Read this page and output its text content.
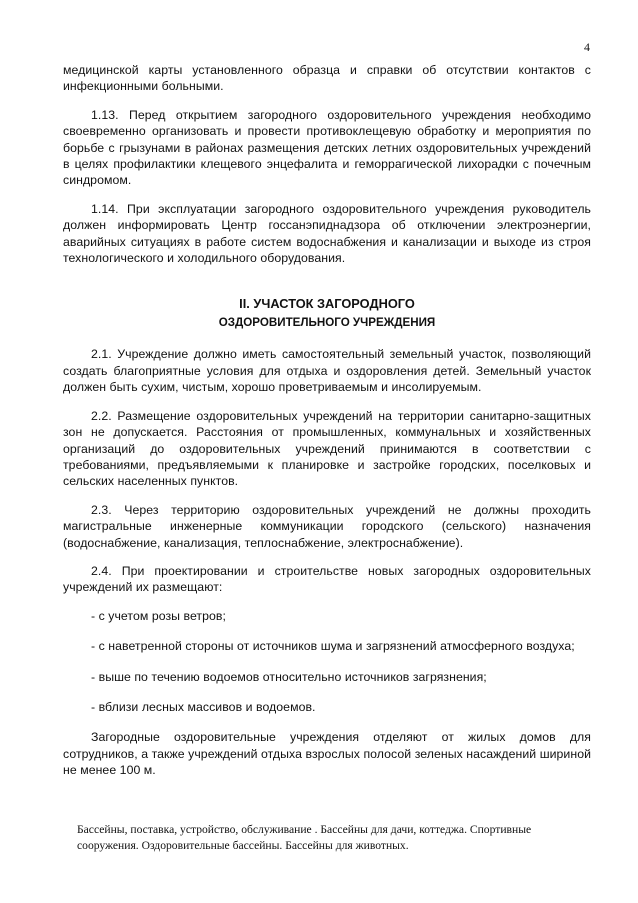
4

медицинской карты установленного образца и справки об отсутствии контактов с инфекционными больными.

1.13. Перед открытием загородного оздоровительного учреждения необходимо своевременно организовать и провести противоклещевую обработку и мероприятия по борьбе с грызунами в районах размещения детских летних оздоровительных учреждений в целях профилактики клещевого энцефалита и геморрагической лихорадки с почечным синдромом.

1.14. При эксплуатации загородного оздоровительного учреждения руководитель должен информировать Центр госсанэпиднадзора об отключении электроэнергии, аварийных ситуациях в работе систем водоснабжения и канализации и выходе из строя технологического и холодильного оборудования.

II. УЧАСТОК ЗАГОРОДНОГО
ОЗДОРОВИТЕЛЬНОГО УЧРЕЖДЕНИЯ

2.1. Учреждение должно иметь самостоятельный земельный участок, позволяющий создать благоприятные условия для отдыха и оздоровления детей. Земельный участок должен быть сухим, чистым, хорошо проветриваемым и инсолируемым.

2.2. Размещение оздоровительных учреждений на территории санитарно-защитных зон не допускается. Расстояния от промышленных, коммунальных и хозяйственных организаций до оздоровительных учреждений принимаются в соответствии с требованиями, предъявляемыми к планировке и застройке городских, поселковых и сельских населенных пунктов.

2.3. Через территорию оздоровительных учреждений не должны проходить магистральные инженерные коммуникации городского (сельского) назначения (водоснабжение, канализация, теплоснабжение, электроснабжение).

2.4. При проектировании и строительстве новых загородных оздоровительных учреждений их размещают:

- с учетом розы ветров;

- с наветренной стороны от источников шума и загрязнений атмосферного воздуха;

- выше по течению водоемов относительно источников загрязнения;

- вблизи лесных массивов и водоемов.

Загородные оздоровительные учреждения отделяют от жилых домов для сотрудников, а также учреждений отдыха взрослых полосой зеленых насаждений шириной не менее 100 м.

Бассейны, поставка, устройство, обслуживание . Бассейны для дачи, коттеджа. Спортивные
сооружения. Оздоровительные бассейны. Бассейны для животных.
